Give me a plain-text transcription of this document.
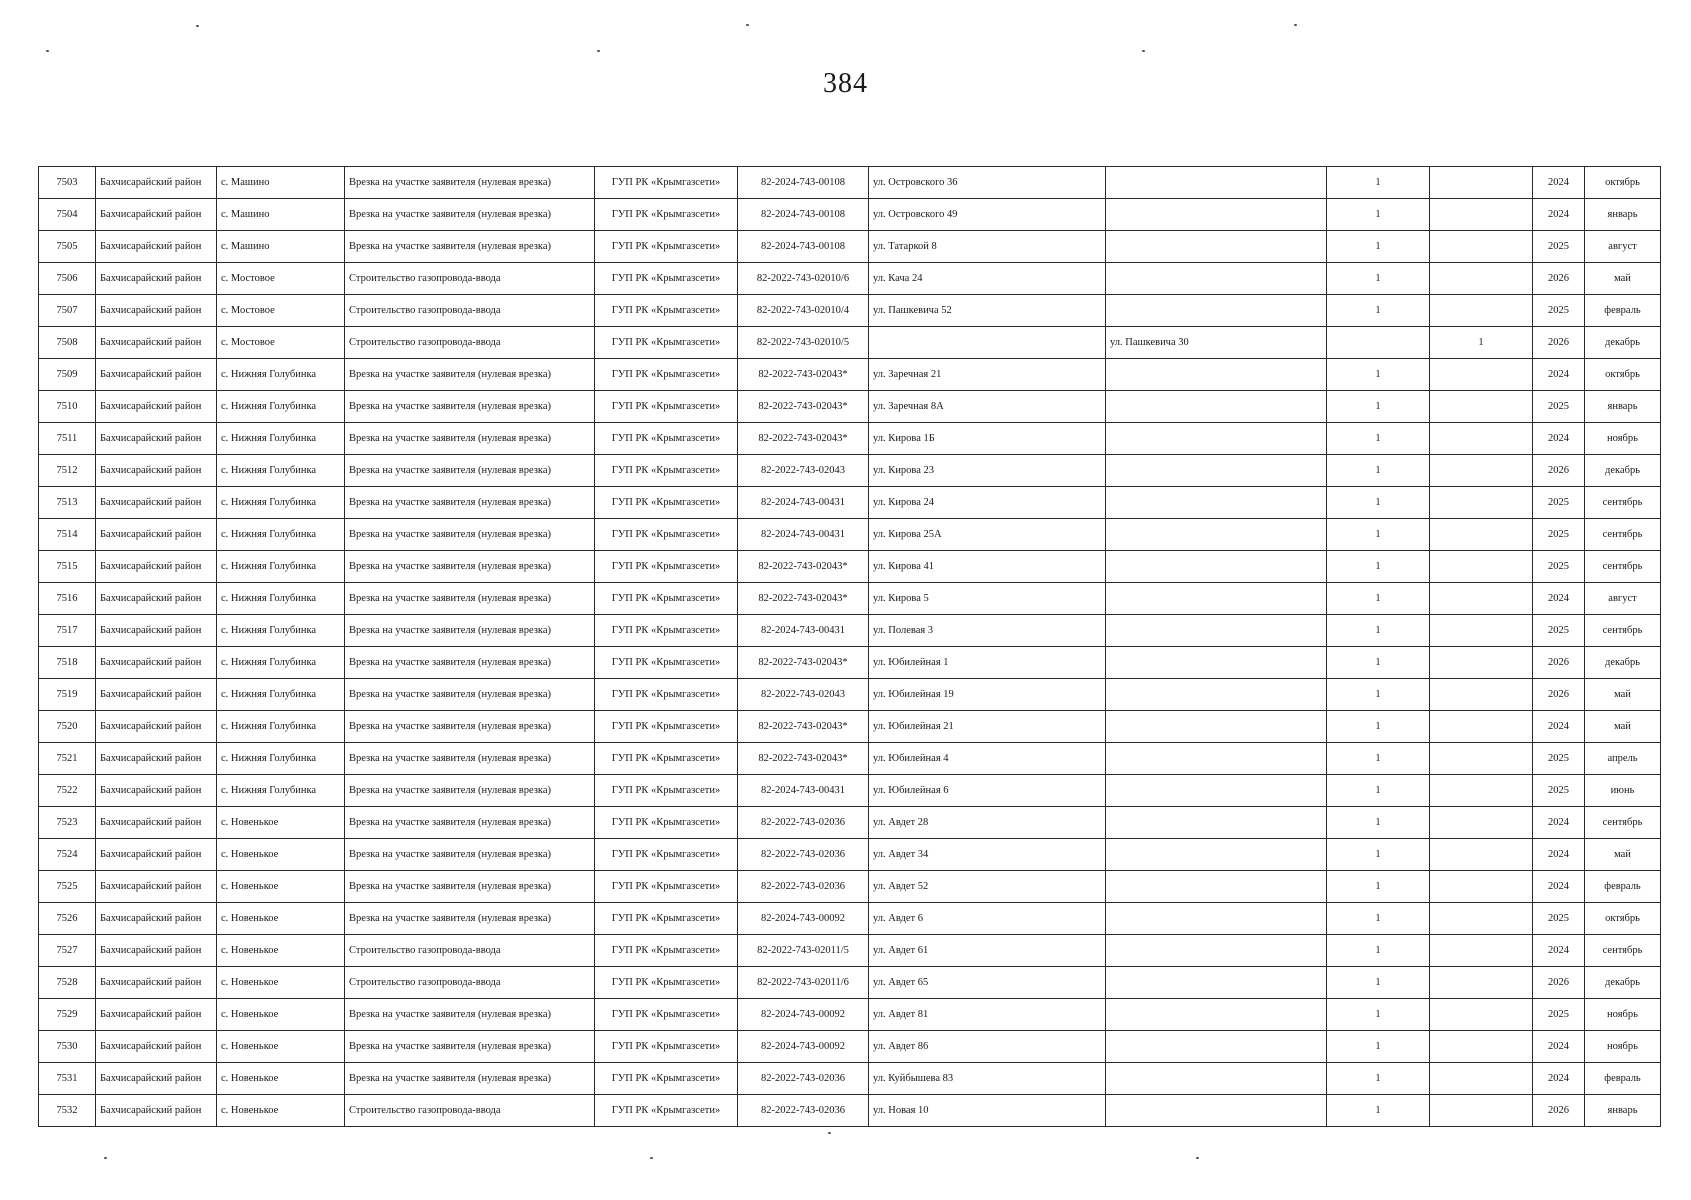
384
7503	Бахчисарайский район	с. Машино	Врезка на участке заявителя (нулевая врезка)	ГУП РК «Крымгазсети»	82-2024-743-00108	ул. Островского 36		1		2024	октябрь
7504	Бахчисарайский район	с. Машино	Врезка на участке заявителя (нулевая врезка)	ГУП РК «Крымгазсети»	82-2024-743-00108	ул. Островского 49		1		2024	январь
7505	Бахчисарайский район	с. Машино	Врезка на участке заявителя (нулевая врезка)	ГУП РК «Крымгазсети»	82-2024-743-00108	ул. Татаркой 8		1		2025	август
7506	Бахчисарайский район	с. Мостовое	Строительство газопровода-ввода	ГУП РК «Крымгазсети»	82-2022-743-02010/6	ул. Кача 24		1		2026	май
7507	Бахчисарайский район	с. Мостовое	Строительство газопровода-ввода	ГУП РК «Крымгазсети»	82-2022-743-02010/4	ул. Пашкевича 52		1		2025	февраль
7508	Бахчисарайский район	с. Мостовое	Строительство газопровода-ввода	ГУП РК «Крымгазсети»	82-2022-743-02010/5		ул. Пашкевича 30		1	2026	декабрь
7509	Бахчисарайский район	с. Нижняя Голубинка	Врезка на участке заявителя (нулевая врезка)	ГУП РК «Крымгазсети»	82-2022-743-02043*	ул. Заречная 21		1		2024	октябрь
7510	Бахчисарайский район	с. Нижняя Голубинка	Врезка на участке заявителя (нулевая врезка)	ГУП РК «Крымгазсети»	82-2022-743-02043*	ул. Заречная 8А		1		2025	январь
7511	Бахчисарайский район	с. Нижняя Голубинка	Врезка на участке заявителя (нулевая врезка)	ГУП РК «Крымгазсети»	82-2022-743-02043*	ул. Кирова 1Б		1		2024	ноябрь
7512	Бахчисарайский район	с. Нижняя Голубинка	Врезка на участке заявителя (нулевая врезка)	ГУП РК «Крымгазсети»	82-2022-743-02043	ул. Кирова 23		1		2026	декабрь
7513	Бахчисарайский район	с. Нижняя Голубинка	Врезка на участке заявителя (нулевая врезка)	ГУП РК «Крымгазсети»	82-2024-743-00431	ул. Кирова 24		1		2025	сентябрь
7514	Бахчисарайский район	с. Нижняя Голубинка	Врезка на участке заявителя (нулевая врезка)	ГУП РК «Крымгазсети»	82-2024-743-00431	ул. Кирова 25А		1		2025	сентябрь
7515	Бахчисарайский район	с. Нижняя Голубинка	Врезка на участке заявителя (нулевая врезка)	ГУП РК «Крымгазсети»	82-2022-743-02043*	ул. Кирова 41		1		2025	сентябрь
7516	Бахчисарайский район	с. Нижняя Голубинка	Врезка на участке заявителя (нулевая врезка)	ГУП РК «Крымгазсети»	82-2022-743-02043*	ул. Кирова 5		1		2024	август
7517	Бахчисарайский район	с. Нижняя Голубинка	Врезка на участке заявителя (нулевая врезка)	ГУП РК «Крымгазсети»	82-2024-743-00431	ул. Полевая 3		1		2025	сентябрь
7518	Бахчисарайский район	с. Нижняя Голубинка	Врезка на участке заявителя (нулевая врезка)	ГУП РК «Крымгазсети»	82-2022-743-02043*	ул. Юбилейная 1		1		2026	декабрь
7519	Бахчисарайский район	с. Нижняя Голубинка	Врезка на участке заявителя (нулевая врезка)	ГУП РК «Крымгазсети»	82-2022-743-02043	ул. Юбилейная 19		1		2026	май
7520	Бахчисарайский район	с. Нижняя Голубинка	Врезка на участке заявителя (нулевая врезка)	ГУП РК «Крымгазсети»	82-2022-743-02043*	ул. Юбилейная 21		1		2024	май
7521	Бахчисарайский район	с. Нижняя Голубинка	Врезка на участке заявителя (нулевая врезка)	ГУП РК «Крымгазсети»	82-2022-743-02043*	ул. Юбилейная 4		1		2025	апрель
7522	Бахчисарайский район	с. Нижняя Голубинка	Врезка на участке заявителя (нулевая врезка)	ГУП РК «Крымгазсети»	82-2024-743-00431	ул. Юбилейная 6		1		2025	июнь
7523	Бахчисарайский район	с. Новенькое	Врезка на участке заявителя (нулевая врезка)	ГУП РК «Крымгазсети»	82-2022-743-02036	ул. Авдет 28		1		2024	сентябрь
7524	Бахчисарайский район	с. Новенькое	Врезка на участке заявителя (нулевая врезка)	ГУП РК «Крымгазсети»	82-2022-743-02036	ул. Авдет 34		1		2024	май
7525	Бахчисарайский район	с. Новенькое	Врезка на участке заявителя (нулевая врезка)	ГУП РК «Крымгазсети»	82-2022-743-02036	ул. Авдет 52		1		2024	февраль
7526	Бахчисарайский район	с. Новенькое	Врезка на участке заявителя (нулевая врезка)	ГУП РК «Крымгазсети»	82-2024-743-00092	ул. Авдет 6		1		2025	октябрь
7527	Бахчисарайский район	с. Новенькое	Строительство газопровода-ввода	ГУП РК «Крымгазсети»	82-2022-743-02011/5	ул. Авдет 61		1		2024	сентябрь
7528	Бахчисарайский район	с. Новенькое	Строительство газопровода-ввода	ГУП РК «Крымгазсети»	82-2022-743-02011/6	ул. Авдет 65		1		2026	декабрь
7529	Бахчисарайский район	с. Новенькое	Врезка на участке заявителя (нулевая врезка)	ГУП РК «Крымгазсети»	82-2024-743-00092	ул. Авдет 81		1		2025	ноябрь
7530	Бахчисарайский район	с. Новенькое	Врезка на участке заявителя (нулевая врезка)	ГУП РК «Крымгазсети»	82-2024-743-00092	ул. Авдет 86		1		2024	ноябрь
7531	Бахчисарайский район	с. Новенькое	Врезка на участке заявителя (нулевая врезка)	ГУП РК «Крымгазсети»	82-2022-743-02036	ул. Куйбышева 83		1		2024	февраль
7532	Бахчисарайский район	с. Новенькое	Строительство газопровода-ввода	ГУП РК «Крымгазсети»	82-2022-743-02036	ул. Новая 10		1		2026	январь
